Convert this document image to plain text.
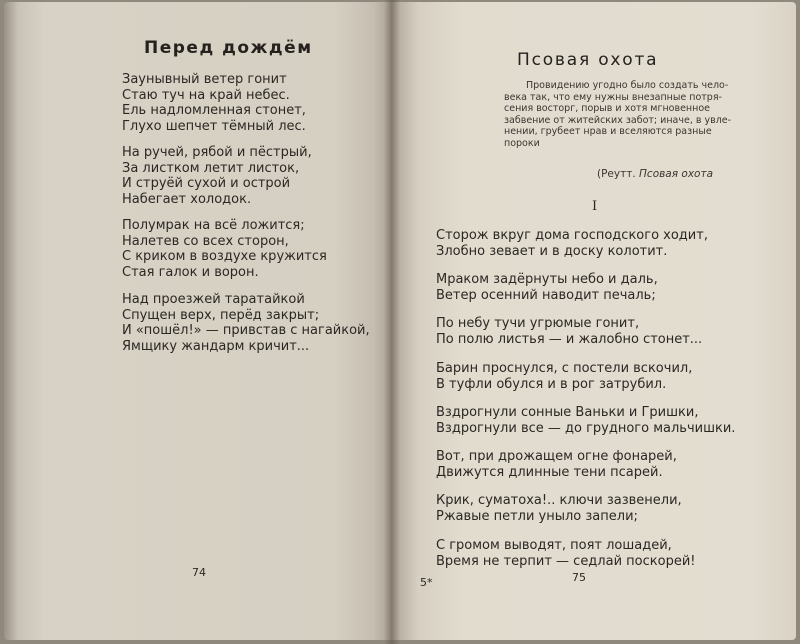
Перед дождём
Заунывный ветер гонит
Стаю туч на край небес.
Ель надломленная стонет,
Глухо шепчет тёмный лес.
На ручей, рябой и пёстрый,
За листком летит листок,
И струёй сухой и острой
Набегает холодок.
Полумрак на всё ложится;
Налетев со всех сторон,
С криком в воздухе кружится
Стая галок и ворон.
Над проезжей таратайкой
Спущен верх, перёд закрыт;
И «пошёл!» — привстав с нагайкой,
Ямщику жандарм кричит...
74
Псовая охота
Провидению угодно было создать чело-
века так, что ему нужны внезапные потря-
сения восторг, порыв и хотя мгновенное
забвение от житейских забот; иначе, в увле-
нении, грубеет нрав и вселяются разные
пороки
(Реутт. Псовая охота
I
Сторож вкруг дома господского ходит,
Злобно зевает и в доску колотит.
Мраком задёрнуты небо и даль,
Ветер осенний наводит печаль;
По небу тучи угрюмые гонит,
По полю листья — и жалобно стонет...
Барин проснулся, с постели вскочил,
В туфли обулся и в рог затрубил.
Вздрогнули сонные Ваньки и Гришки,
Вздрогнули все — до грудного мальчишки.
Вот, при дрожащем огне фонарей,
Движутся длинные тени псарей.
Крик, суматоха!.. ключи зазвенели,
Ржавые петли уныло запели;
С громом выводят, поят лошадей,
Время не терпит — седлай поскорей!
5*	75
